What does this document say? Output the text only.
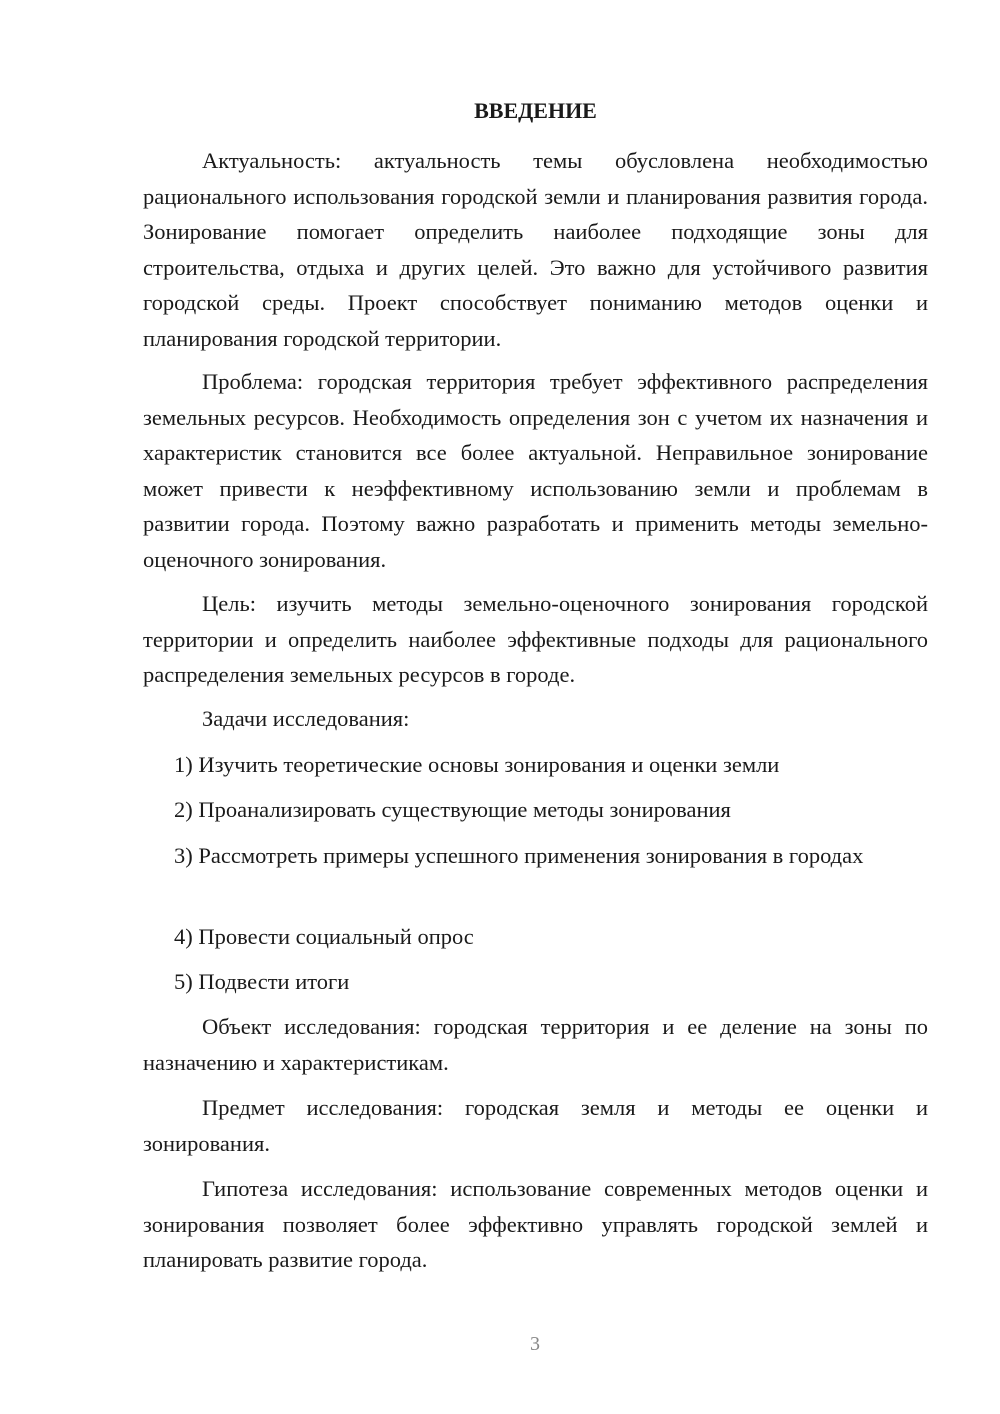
ВВЕДЕНИЕ

Актуальность: актуальность темы обусловлена необходимостью рационального использования городской земли и планирования развития города. Зонирование помогает определить наиболее подходящие зоны для строительства, отдыха и других целей. Это важно для устойчивого развития городской среды. Проект способствует пониманию методов оценки и планирования городской территории.

Проблема: городская территория требует эффективного распределения земельных ресурсов. Необходимость определения зон с учетом их назначения и характеристик становится все более актуальной. Неправильное зонирование может привести к неэффективному использованию земли и проблемам в развитии города. Поэтому важно разработать и применить методы земельно-оценочного зонирования.

Цель: изучить методы земельно-оценочного зонирования городской территории и определить наиболее эффективные подходы для рационального распределения земельных ресурсов в городе.

Задачи исследования:

1) Изучить теоретические основы зонирования и оценки земли

2) Проанализировать существующие методы зонирования

3) Рассмотреть примеры успешного применения зонирования в городах

4) Провести социальный опрос

5) Подвести итоги

Объект исследования: городская территория и ее деление на зоны по назначению и характеристикам.

Предмет исследования: городская земля и методы ее оценки и зонирования.

Гипотеза исследования: использование современных методов оценки и зонирования позволяет более эффективно управлять городской землей и планировать развитие города.

3
